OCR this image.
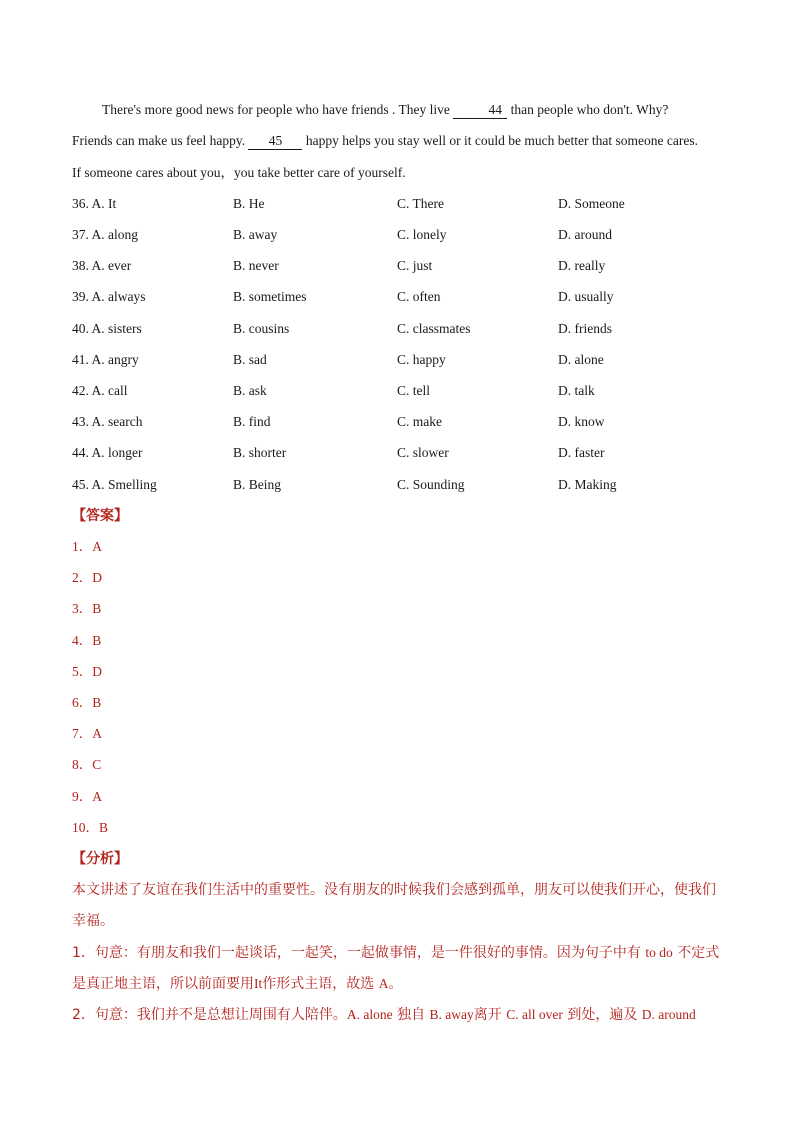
There's more good news for people who have friends . They live	44 than people who don't. Why?
Friends can make us feel happy. 45 happy helps you stay well or it could be much better that someone cares.
If someone cares about you，you take better care of yourself.
36. A. It	B. He	C. There	D. Someone
37. A. along	B. away	C. lonely	D. around
38. A. ever	B. never	C. just	D. really
39. A. always	B. sometimes	C. often	D. usually
40. A. sisters	B. cousins	C. classmates	D. friends
41. A. angry	B. sad	C. happy	D. alone
42. A. call	B. ask	C. tell	D. talk
43. A. search	B. find	C. make	D. know
44. A. longer	B. shorter	C. slower	D. faster
45. A. Smelling	B. Being	C. Sounding	D. Making
【答案】
1．A
2．D
3．B
4．B
5．D
6．B
7．A
8．C
9．A
10．B
【分析】
本文讲述了友谊在我们生活中的重要性。没有朋友的时候我们会感到孤单，朋友可以使我们开心，使我们
幸福。
1．句意：有朋友和我们一起谈话，一起笑，一起做事情，是一件很好的事情。因为句子中有 to do 不定式
是真正地主语，所以前面要用It作形式主语，故选 A。
2．句意：我们并不是总想让周围有人陪伴。A. alone 独自 B. away离开 C. all over 到处，遍及 D. around
